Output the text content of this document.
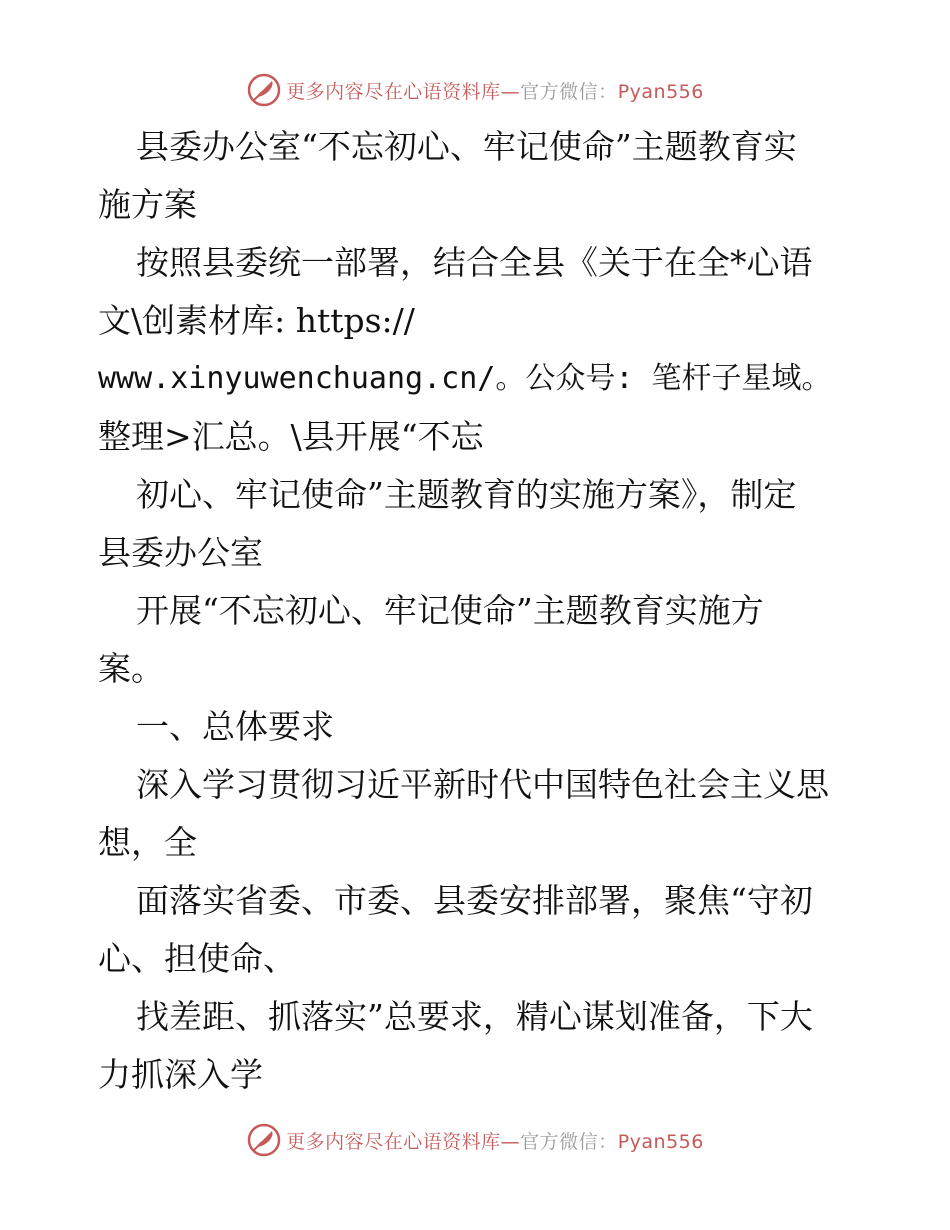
更多内容尽在心语资料库—官方微信：Pyan556
县委办公室“不忘初心、牢记使命”主题教育实
施方案
按照县委统一部署，结合全县《关于在全*心语
文\创素材库: https://
www.xinyuwenchuang.cn/。公众号: 笔杆子星域。
整理>汇总。\县开展“不忘
初心、牢记使命”主题教育的实施方案》，制定
县委办公室
开展“不忘初心、牢记使命”主题教育实施方
案。
一、总体要求
深入学习贯彻习近平新时代中国特色社会主义思
想，全
面落实省委、市委、县委安排部署，聚焦“守初
心、担使命、
找差距、抓落实”总要求，精心谋划准备，下大
力抓深入学
更多内容尽在心语资料库—官方微信：Pyan556
